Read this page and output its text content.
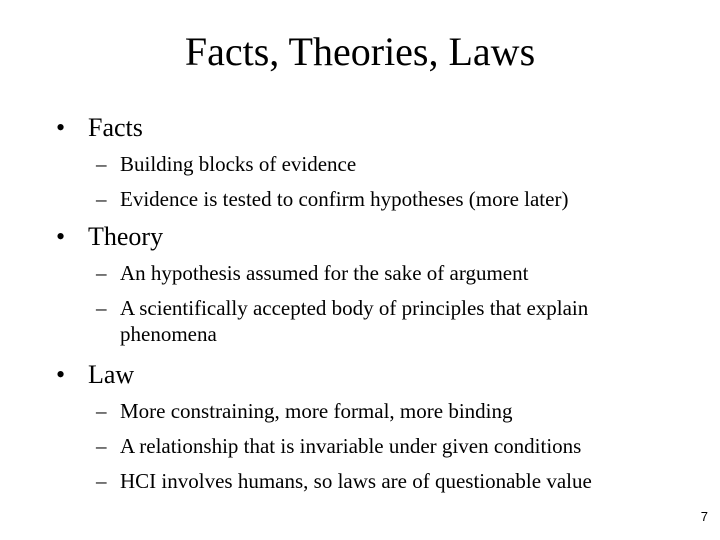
Facts, Theories, Laws
• Facts
– Building blocks of evidence
– Evidence is tested to confirm hypotheses (more later)
• Theory
– An hypothesis assumed for the sake of argument
– A scientifically accepted body of principles that explain phenomena
• Law
– More constraining, more formal, more binding
– A relationship that is invariable under given conditions
– HCI involves humans, so laws are of questionable value
7
